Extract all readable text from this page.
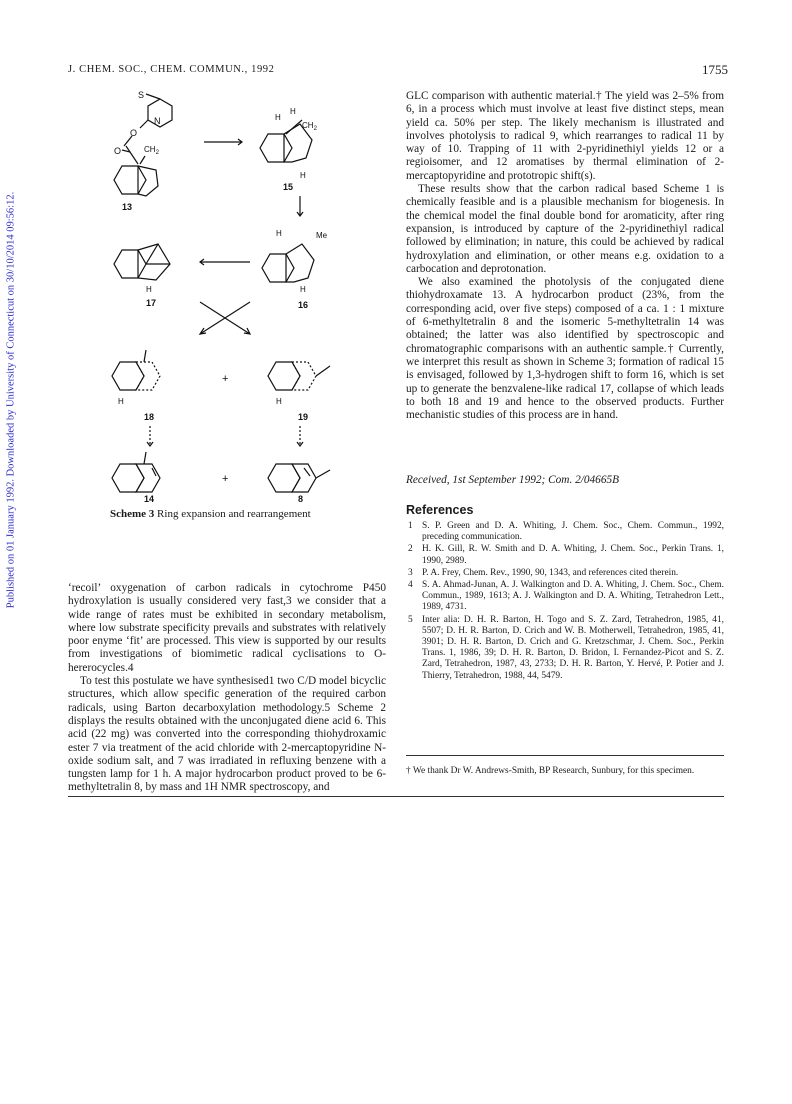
J. CHEM. SOC., CHEM. COMMUN., 1992	1755
Published on 01 January 1992. Downloaded by University of Connecticut on 30/10/2014 09:56:12.
S
N
O
O	$CH_2$
13
H
H
$CH_2$
H
15
H	Me
H
16
H
17
H
18
+
H
19
14
+
8
Scheme 3 Ring expansion and rearrangement

‘recoil’ oxygenation of carbon radicals in cytochrome P450 hydroxylation is usually considered very fast,3 we consider that a wide range of rates must be exhibited in secondary metabolism, where low substrate specificity prevails and substrates with relatively poor enyme ‘fit’ are processed. This view is supported by our results from investigations of biomimetic radical cyclisations to O-hererocycles.4

To test this postulate we have synthesised1 two C/D model bicyclic structures, which allow specific generation of the required carbon radicals, using Barton decarboxylation methodology.5 Scheme 2 displays the results obtained with the unconjugated diene acid 6. This acid (22 mg) was converted into the corresponding thiohydroxamic ester 7 via treatment of the acid chloride with 2-mercaptopyridine N-oxide sodium salt, and 7 was irradiated in refluxing benzene with a tungsten lamp for 1 h. A major hydrocarbon product proved to be 6-methyltetralin 8, by mass and 1H NMR spectroscopy, and

GLC comparison with authentic material.† The yield was 2–5% from 6, in a process which must involve at least five distinct steps, mean yield ca. 50% per step. The likely mechanism is illustrated and involves photolysis to radical 9, which rearranges to radical 11 by way of 10. Trapping of 11 with 2-pyridinethiyl yields 12 or a regioisomer, and 12 aromatises by thermal elimination of 2-mercaptopyridine and prototropic shift(s).

These results show that the carbon radical based Scheme 1 is chemically feasible and is a plausible mechanism for biogenesis. In the chemical model the final double bond for aromaticity, after ring expansion, is introduced by capture of the 2-pyridinethiyl radical followed by elimination; in nature, this could be achieved by radical hydroxylation and elimination, or other means e.g. oxidation to a carbocation and deprotonation.

We also examined the photolysis of the conjugated diene thiohydroxamate 13. A hydrocarbon product (23%, from the corresponding acid, over five steps) composed of a ca. 1 : 1 mixture of 6-methyltetralin 8 and the isomeric 5-methyltetralin 14 was obtained; the latter was also identified by spectroscopic and chromatographic comparisons with an authentic sample.† Currently, we interpret this result as shown in Scheme 3; formation of radical 15 is envisaged, followed by 1,3-hydrogen shift to form 16, which is set up to generate the benzvalene-like radical 17, collapse of which leads to both 18 and 19 and hence to the observed products. Further mechanistic studies of this process are in hand.

Received, 1st September 1992; Com. 2/04665B
References
1 S. P. Green and D. A. Whiting, J. Chem. Soc., Chem. Commun., 1992, preceding communication.
2 H. K. Gill, R. W. Smith and D. A. Whiting, J. Chem. Soc., Perkin Trans. 1, 1990, 2989.
3 P. A. Frey, Chem. Rev., 1990, 90, 1343, and references cited therein.
4 S. A. Ahmad-Junan, A. J. Walkington and D. A. Whiting, J. Chem. Soc., Chem. Commun., 1989, 1613; A. J. Walkington and D. A. Whiting, Tetrahedron Lett., 1989, 4731.
5 Inter alia: D. H. R. Barton, H. Togo and S. Z. Zard, Tetrahedron, 1985, 41, 5507; D. H. R. Barton, D. Crich and W. B. Motherwell, Tetrahedron, 1985, 41, 3901; D. H. R. Barton, D. Crich and G. Kretzschmar, J. Chem. Soc., Perkin Trans. 1, 1986, 39; D. H. R. Barton, D. Bridon, I. Fernandez-Picot and S. Z. Zard, Tetrahedron, 1987, 43, 2733; D. H. R. Barton, Y. Hervé, P. Potier and J. Thierry, Tetrahedron, 1988, 44, 5479.
† We thank Dr W. Andrews-Smith, BP Research, Sunbury, for this specimen.
